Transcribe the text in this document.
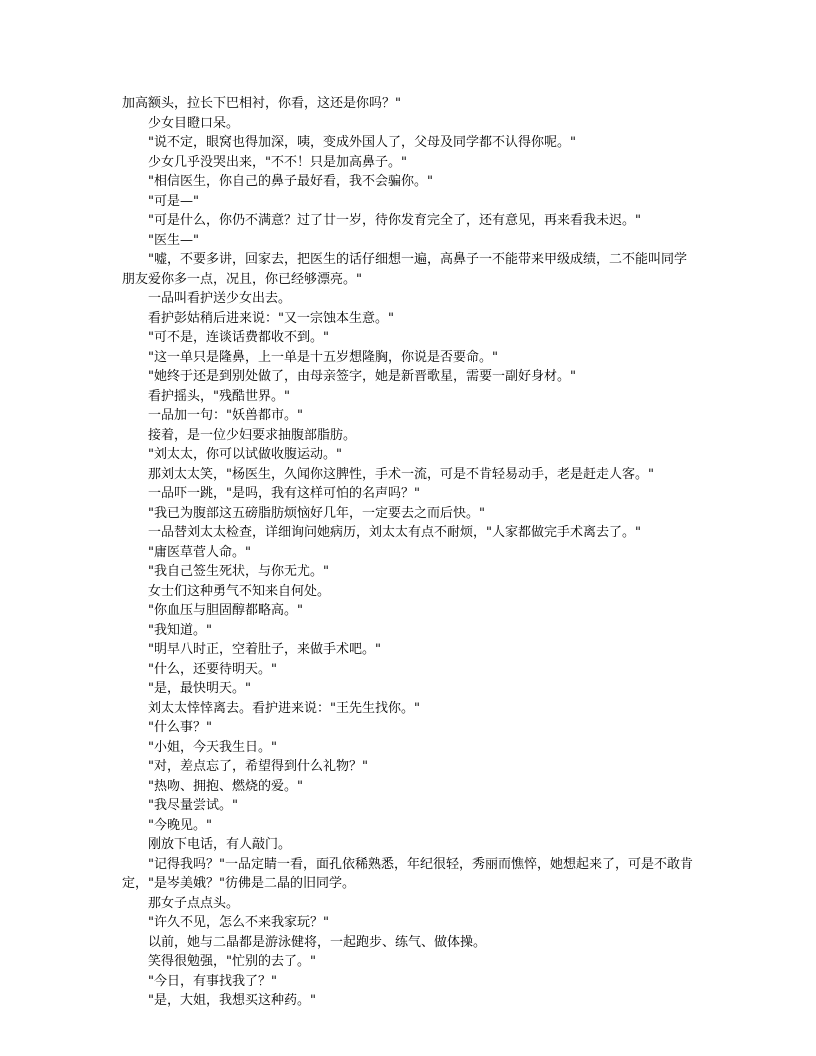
加高额头，拉长下巴相衬，你看，这还是你吗？"

少女目瞪口呆。

"说不定，眼窝也得加深，咦，变成外国人了，父母及同学都不认得你呢。"

少女几乎没哭出来，"不不！只是加高鼻子。"

"相信医生，你自己的鼻子最好看，我不会骗你。"

"可是—"

"可是什么，你仍不满意？过了廿一岁，待你发育完全了，还有意见，再来看我未迟。"

"医生—"

"嘘，不要多讲，回家去，把医生的话仔细想一遍，高鼻子一不能带来甲级成绩，二不能叫同学朋友爱你多一点，况且，你已经够漂亮。"

一品叫看护送少女出去。

看护彭姑稍后进来说："又一宗蚀本生意。"

"可不是，连谈话费都收不到。"

"这一单只是隆鼻，上一单是十五岁想隆胸，你说是否要命。"

"她终于还是到别处做了，由母亲签字，她是新晋歌星，需要一副好身材。"

看护摇头，"残酷世界。"

一品加一句："妖兽都市。"

接着，是一位少妇要求抽腹部脂肪。

"刘太太，你可以试做收腹运动。"

那刘太太笑，"杨医生，久闻你这脾性，手术一流，可是不肯轻易动手，老是赶走人客。"

一品吓一跳，"是吗，我有这样可怕的名声吗？"

"我已为腹部这五磅脂肪烦恼好几年，一定要去之而后快。"

一品替刘太太检查，详细询问她病历，刘太太有点不耐烦，"人家都做完手术离去了。"

"庸医草菅人命。"

"我自己签生死状，与你无尤。"

女士们这种勇气不知来自何处。

"你血压与胆固醇都略高。"

"我知道。"

"明早八时正，空着肚子，来做手术吧。"

"什么，还要待明天。"

"是，最快明天。"

刘太太悻悻离去。看护进来说："王先生找你。"

"什么事？"

"小姐，今天我生日。"

"对，差点忘了，希望得到什么礼物？"

"热吻、拥抱、燃烧的爱。"

"我尽量尝试。"

"今晚见。"

刚放下电话，有人敲门。

"记得我吗？"一品定睛一看，面孔依稀熟悉，年纪很轻，秀丽而憔悴，她想起来了，可是不敢肯定，"是岑美娥？"彷佛是二晶的旧同学。

那女子点点头。

"许久不见，怎么不来我家玩？"

以前，她与二晶都是游泳健将，一起跑步、练气、做体操。

笑得很勉强，"忙别的去了。"

"今日，有事找我了？"

"是，大姐，我想买这种药。"
